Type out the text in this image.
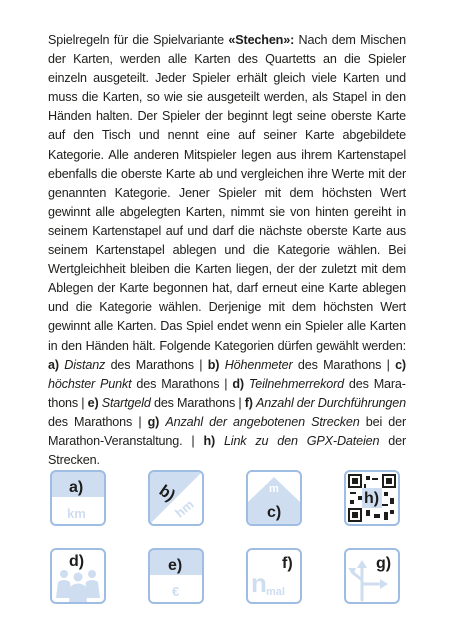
Spielregeln für die Spielvariante «Stechen»: Nach dem Mischen der Karten, werden alle Karten des Quartetts an die Spieler einzeln ausgeteilt. Jeder Spieler erhält gleich viele Karten und muss die Karten, so wie sie ausgeteilt werden, als Stapel in den Händen halten. Der Spieler der beginnt legt seine oberste Karte auf den Tisch und nennt eine auf seiner Karte abgebildete Kategorie. Alle anderen Mitspieler legen aus ihrem Kartenstapel ebenfalls die oberste Karte ab und vergleichen ihre Werte mit der genannten Kategorie. Jener Spieler mit dem höchsten Wert gewinnt alle abgelegten Karten, nimmt sie von hinten gereiht in seinem Kartenstapel auf und darf die nächste oberste Karte aus seinem Kartenstapel ablegen und die Kategorie wählen. Bei Wertgleichheit bleiben die Karten liegen, der der zuletzt mit dem Ablegen der Karte begonnen hat, darf erneut eine Karte ablegen und die Kategorie wählen. Derjenige mit dem höchsten Wert gewinnt alle Karten. Das Spiel endet wenn ein Spieler alle Karten in den Händen hält. Folgende Kategorien dürfen gewählt werden: a) Distanz des Marathons | b) Höhenmeter des Marathons | c) höchster Punkt des Marathons | d) Teilnehmerrekord des Marathons | e) Startgeld des Marathons | f) Anzahl der Durchführungen des Marathons | g) Anzahl der angebotenen Strecken bei der Marathon-Veranstaltung. | h) Link zu den GPX-Dateien der Strecken.
a)
km
b)
hm
m
c)
h)
d)	e)
€
f)
n mal
g)
